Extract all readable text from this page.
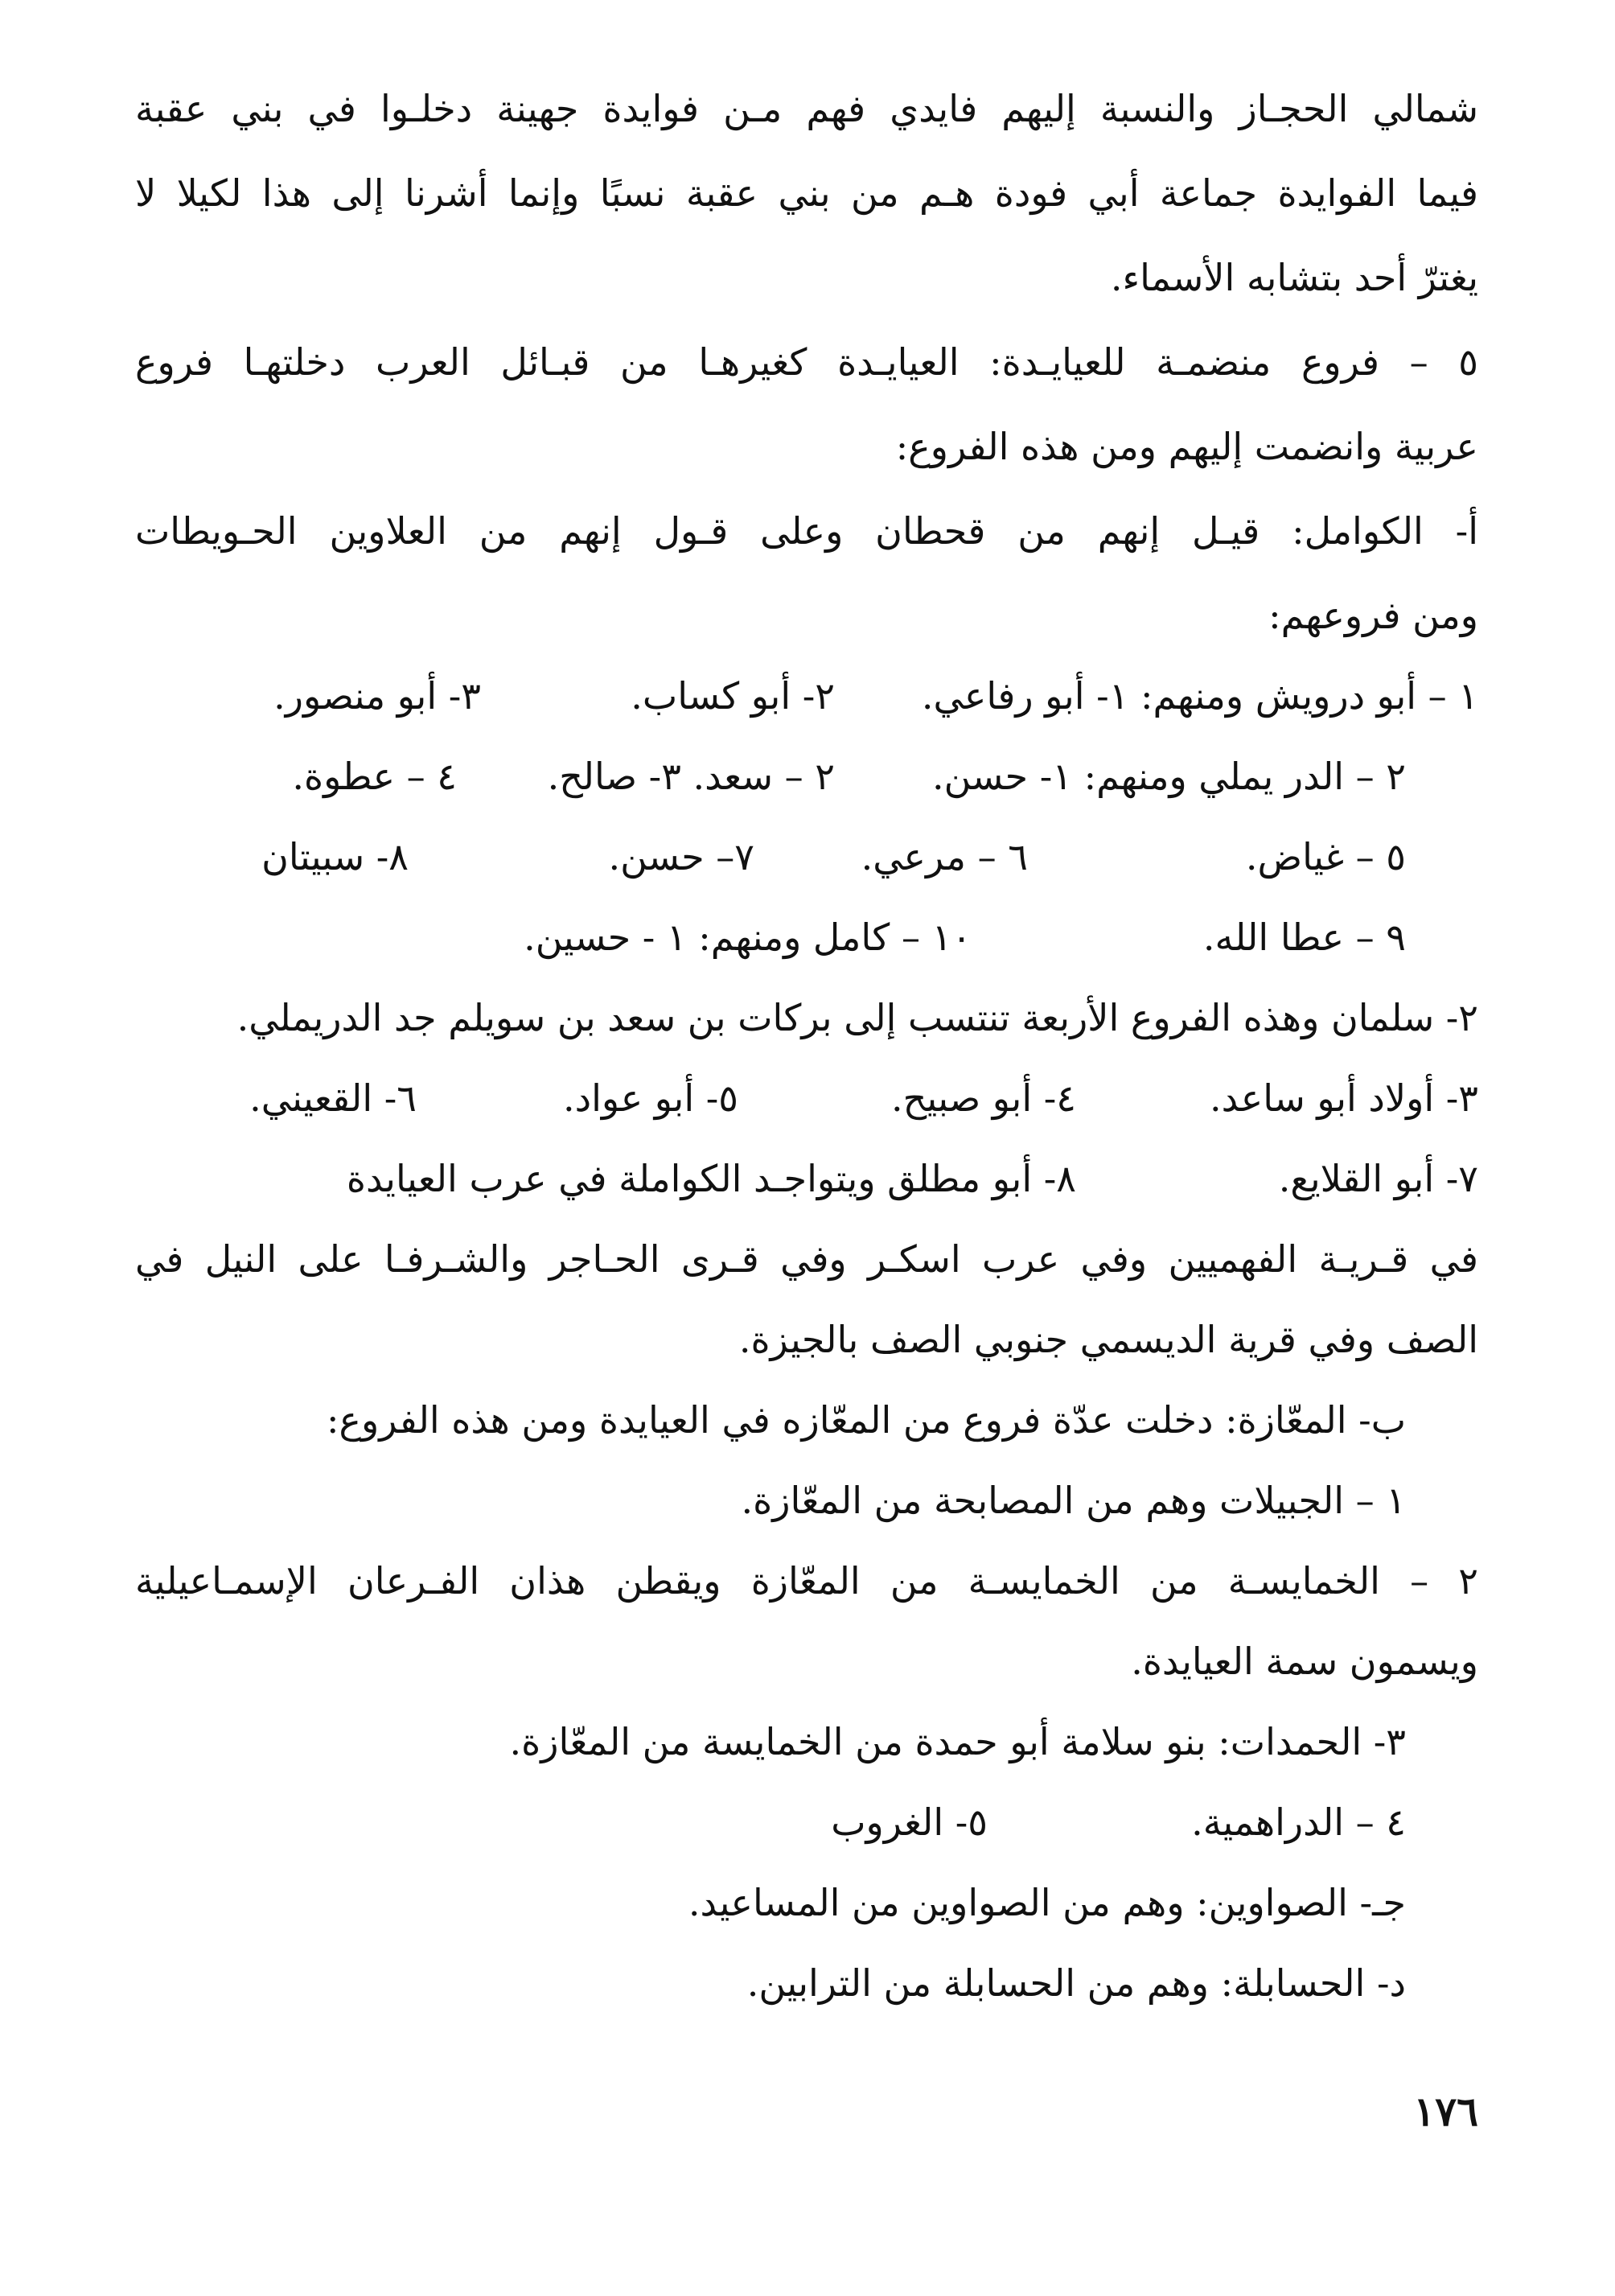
شمالي الحجـاز والنسبة إليهم فايدي فهم مـن فوايدة جهينة دخلـوا في بني عقبة
فيما الفوايدة جماعة أبي فودة هـم من بني عقبة نسبًا وإنما أشرنا إلى هذا لكيلا لا
يغترّ أحد بتشابه الأسماء.
٥ – فروع منضمـة للعيايـدة: العيايـدة كغيرهـا من قبـائل العرب دخلتهـا فروع
عربية وانضمت إليهم ومن هذه الفروع:
أ- الكوامل: قيـل إنهم من قحطان وعلى قـول إنهم من العلاوين الحـويطات
ومن فروعهم:
١ – أبو درويش ومنهم: ١- أبو رفاعي.
٢- أبو كساب.
٣- أبو منصور.
٢ – الدر يملي ومنهم: ١- حسن.
٢ – سعد. ٣- صالح.
٤ – عطوة.
٥ – غياض.
٦ – مرعي.
٧– حسن.
٨- سبيتان
٩ – عطا الله.
١٠ – كامل ومنهم: ١ - حسين.
٢- سلمان وهذه الفروع الأربعة تنتسب إلى بركات بن سعد بن سويلم جد الدريملي.
٣- أولاد أبو ساعد.
٤- أبو صبيح.
٥- أبو عواد.
٦- القعيني.
٧- أبو القلايع.
٨- أبو مطلق ويتواجـد الكواملة في عرب العيايدة
في قـريـة الفهميين وفي عرب اسكـر وفي قـرى الحـاجر والشـرفـا على النيل في
الصف وفي قرية الديسمي جنوبي الصف بالجيزة.
ب- المعّازة: دخلت عدّة فروع من المعّازه في العيايدة ومن هذه الفروع:
١ – الجبيلات وهم من المصابحة من المعّازة.
٢ – الخمايسـة من الخمايسـة من المعّازة ويقطن هذان الفـرعان الإسمـاعيلية
ويسمون سمة العيايدة.
٣- الحمدات: بنو سلامة أبو حمدة من الخمايسة من المعّازة.
٤ – الدراهمية.
٥- الغروب
جـ- الصواوين: وهم من الصواوين من المساعيد.
د- الحسابلة: وهم من الحسابلة من الترابين.
١٧٦
